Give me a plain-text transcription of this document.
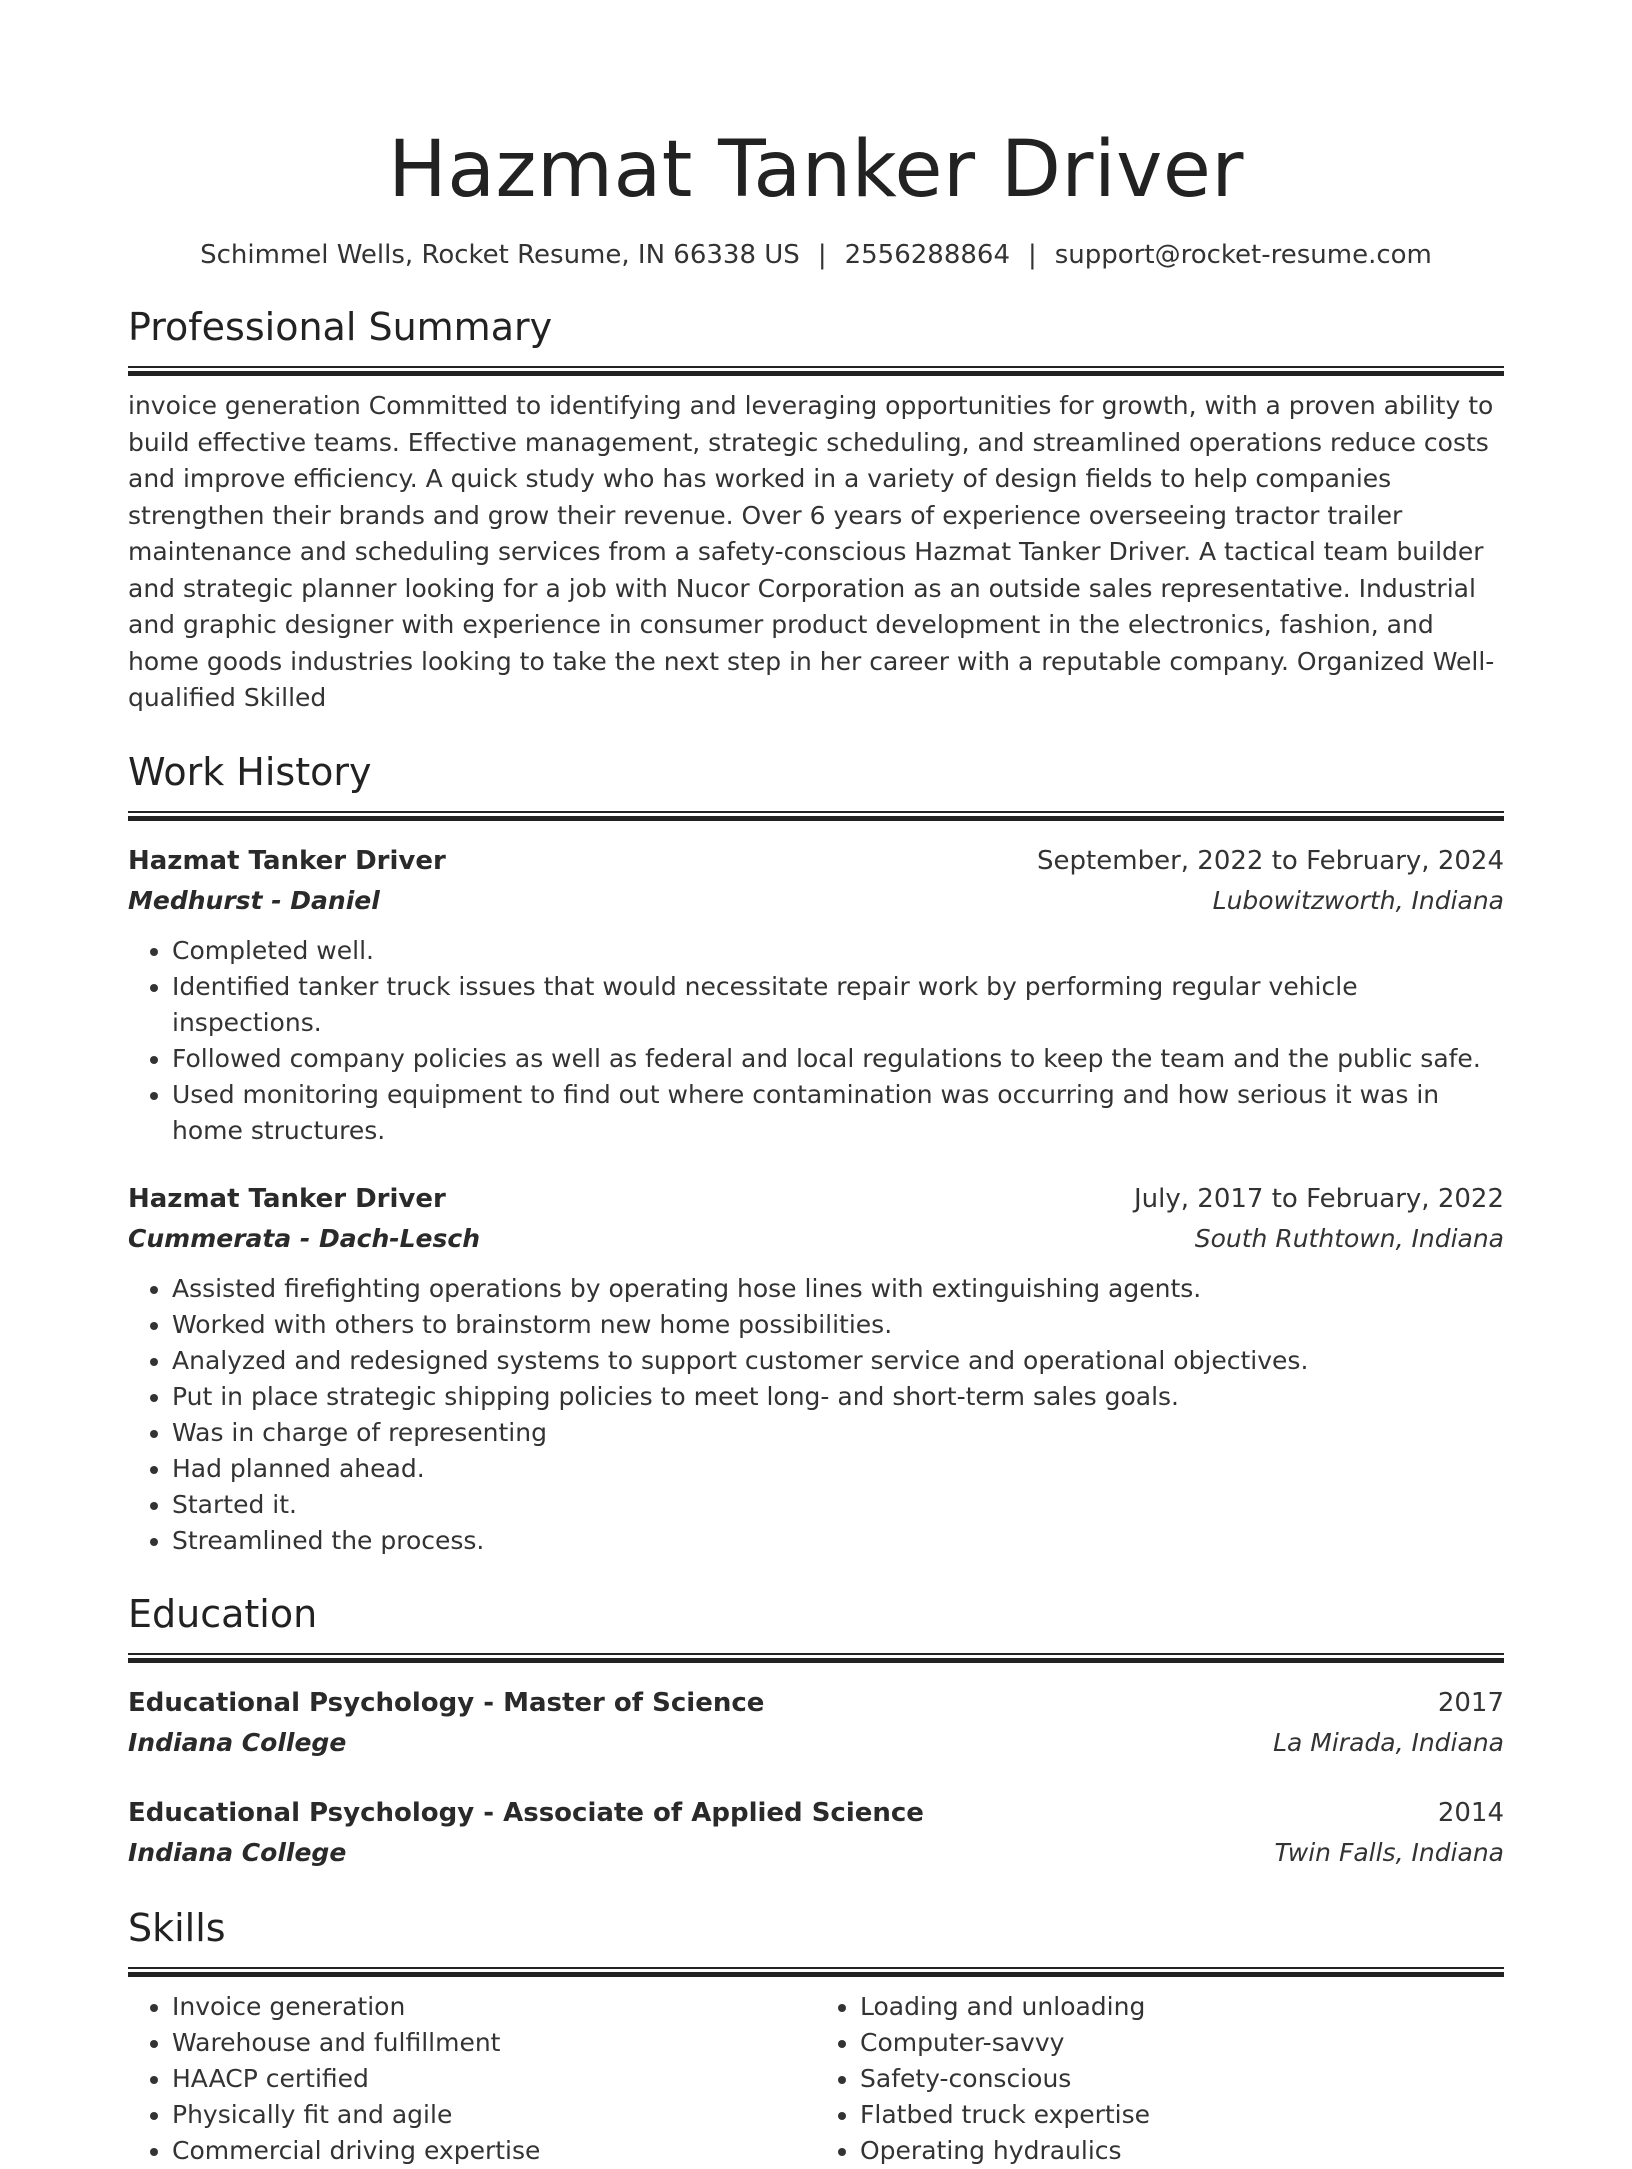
Hazmat Tanker Driver
Schimmel Wells, Rocket Resume, IN 66338 US | 2556288864 | support@rocket-resume.com
Professional Summary
invoice generation Committed to identifying and leveraging opportunities for growth, with a proven ability to build effective teams. Effective management, strategic scheduling, and streamlined operations reduce costs and improve efficiency. A quick study who has worked in a variety of design fields to help companies strengthen their brands and grow their revenue. Over 6 years of experience overseeing tractor trailer maintenance and scheduling services from a safety-conscious Hazmat Tanker Driver. A tactical team builder and strategic planner looking for a job with Nucor Corporation as an outside sales representative. Industrial and graphic designer with experience in consumer product development in the electronics, fashion, and home goods industries looking to take the next step in her career with a reputable company. Organized Well-qualified Skilled
Work History
Hazmat Tanker Driver	September, 2022 to February, 2024
Medhurst - Daniel	Lubowitzworth, Indiana
• Completed well.
• Identified tanker truck issues that would necessitate repair work by performing regular vehicle inspections.
• Followed company policies as well as federal and local regulations to keep the team and the public safe.
• Used monitoring equipment to find out where contamination was occurring and how serious it was in home structures.
Hazmat Tanker Driver	July, 2017 to February, 2022
Cummerata - Dach-Lesch	South Ruthtown, Indiana
• Assisted firefighting operations by operating hose lines with extinguishing agents.
• Worked with others to brainstorm new home possibilities.
• Analyzed and redesigned systems to support customer service and operational objectives.
• Put in place strategic shipping policies to meet long- and short-term sales goals.
• Was in charge of representing
• Had planned ahead.
• Started it.
• Streamlined the process.
Education
Educational Psychology - Master of Science	2017
Indiana College	La Mirada, Indiana
Educational Psychology - Associate of Applied Science	2014
Indiana College	Twin Falls, Indiana
Skills
• Invoice generation
• Warehouse and fulfillment
• HAACP certified
• Physically fit and agile
• Commercial driving expertise
• Loading and unloading
• Computer-savvy
• Safety-conscious
• Flatbed truck expertise
• Operating hydraulics
